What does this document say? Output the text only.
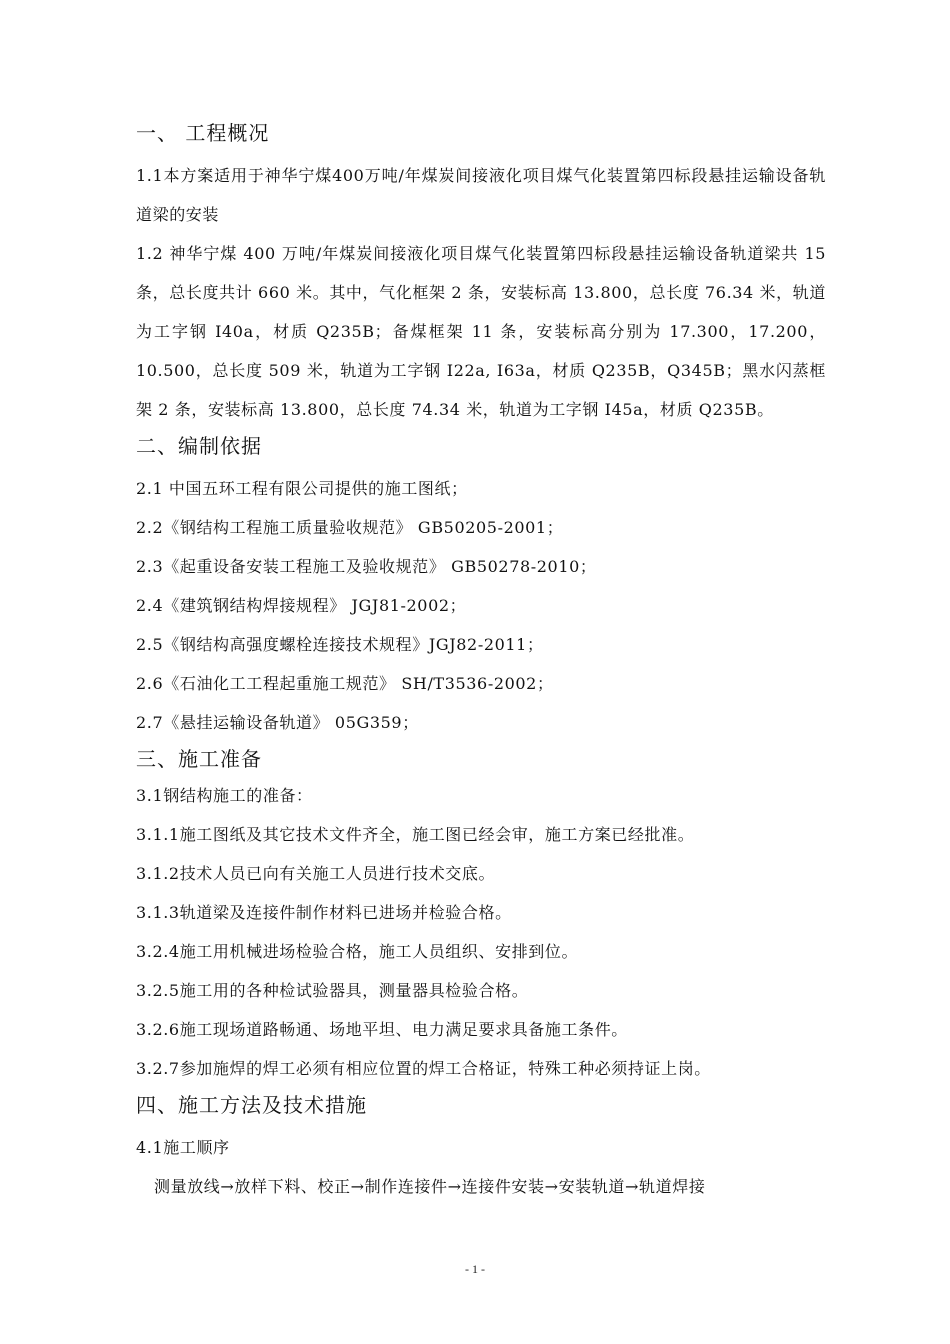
一、 工程概况

1.1本方案适用于神华宁煤400万吨/年煤炭间接液化项目煤气化装置第四标段悬挂运输设备轨道梁的安装

1.2 神华宁煤 400 万吨/年煤炭间接液化项目煤气化装置第四标段悬挂运输设备轨道梁共 15 条，总长度共计 660 米。其中，气化框架 2 条，安装标高 13.800，总长度 76.34 米，轨道为工字钢 I40a，材质 Q235B；备煤框架 11 条，安装标高分别为 17.300，17.200，10.500，总长度 509 米，轨道为工字钢 I22a, I63a，材质 Q235B，Q345B；黑水闪蒸框架 2 条，安装标高 13.800，总长度 74.34 米，轨道为工字钢 I45a，材质 Q235B。

二、编制依据

2.1 中国五环工程有限公司提供的施工图纸；

2.2《钢结构工程施工质量验收规范》 GB50205-2001；

2.3《起重设备安装工程施工及验收规范》 GB50278-2010；

2.4《建筑钢结构焊接规程》 JGJ81-2002；

2.5《钢结构高强度螺栓连接技术规程》JGJ82-2011；

2.6《石油化工工程起重施工规范》 SH/T3536-2002；

2.7《悬挂运输设备轨道》 05G359；

三、施工准备

3.1钢结构施工的准备：

3.1.1施工图纸及其它技术文件齐全，施工图已经会审，施工方案已经批准。

3.1.2技术人员已向有关施工人员进行技术交底。

3.1.3轨道梁及连接件制作材料已进场并检验合格。

3.2.4施工用机械进场检验合格，施工人员组织、安排到位。

3.2.5施工用的各种检试验器具，测量器具检验合格。

3.2.6施工现场道路畅通、场地平坦、电力满足要求具备施工条件。

3.2.7参加施焊的焊工必须有相应位置的焊工合格证，特殊工种必须持证上岗。

四、施工方法及技术措施

4.1施工顺序

测量放线→放样下料、校正→制作连接件→连接件安装→安装轨道→轨道焊接

- 1 -
